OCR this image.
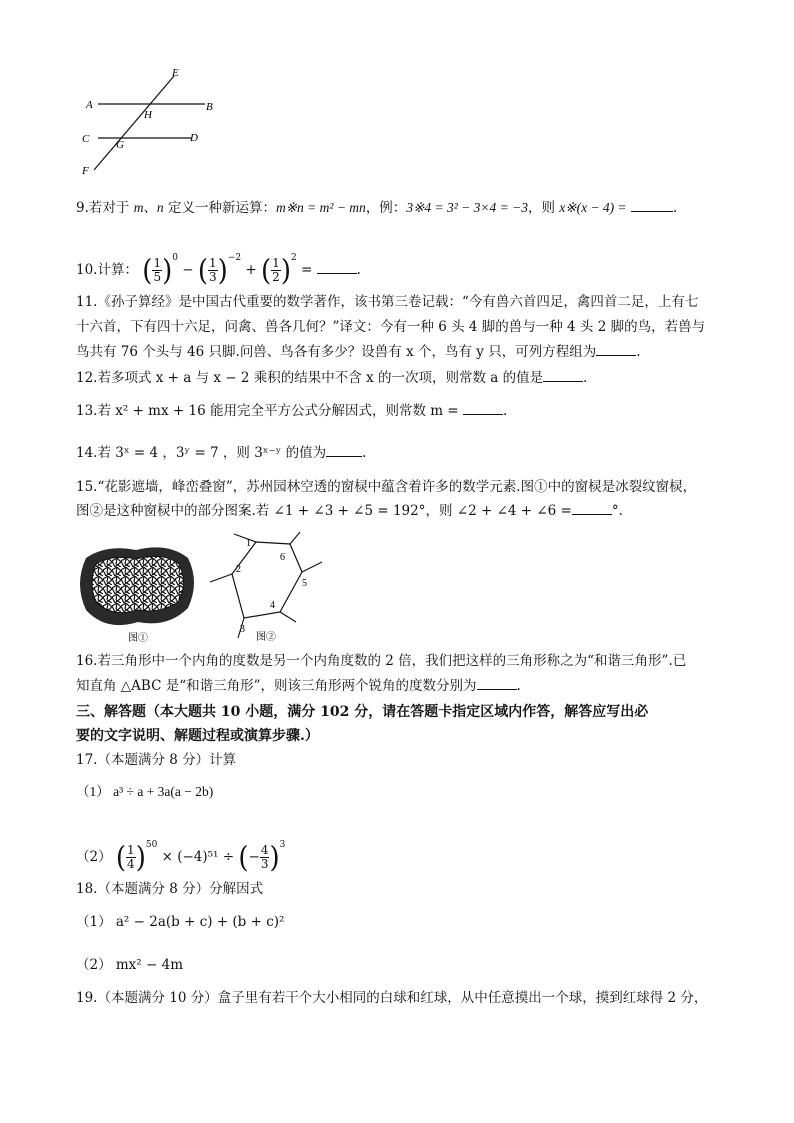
E
A	B
H
C	D
G
F
9.若对于 m、n 定义一种新运算：m※n = m² − mn，例：3※4 = 3² − 3×4 = −3，则 x※(x − 4) =	.
10.计算： ( $\frac{1}{5} )^0$ − ( $\frac{1}{3} )^{-2}$ + ( $\frac{1}{2} )^2$ =	.
11.《孙子算经》是中国古代重要的数学著作，该书第三卷记载：“今有兽六首四足，禽四首二足，上有七
十六首，下有四十六足，问禽、兽各几何？”译文：今有一种 6 头 4 脚的兽与一种 4 头 2 脚的鸟，若兽与
鸟共有 76 个头与 46 只脚.问兽、鸟各有多少？设兽有 x 个，鸟有 y 只，可列方程组为	.
12.若多项式 x + a 与 x − 2 乘积的结果中不含 x 的一次项，则常数 a 的值是	.
13.若 x² + mx + 16 能用完全平方公式分解因式，则常数 m =	.
14.若 3ˣ = 4 ，3ʸ = 7 ，则 3ˣ⁻ʸ 的值为	.
15.“花影遮墙，峰峦叠窗”，苏州园林空透的窗棂中蕴含着许多的数学元素.图①中的窗棂是冰裂纹窗棂，
图②是这种窗棂中的部分图案.若 ∠1 + ∠3 + ∠5 = 192°，则 ∠2 + ∠4 + ∠6 =	°.
图①
1
2
3
4
5
6
图②
16.若三角形中一个内角的度数是另一个内角度数的 2 倍，我们把这样的三角形称之为“和谐三角形”.已
知直角 △ABC 是“和谐三角形”，则该三角形两个锐角的度数分别为	.
三、解答题（本大题共 10 小题，满分 102 分，请在答题卡指定区域内作答，解答应写出必
要的文字说明、解题过程或演算步骤.）
17.（本题满分 8 分）计算
（1） a³ ÷ a + 3a(a − 2b)
（2） ( $\frac{1}{4} )^{50} \times (-4)^{51}$ ÷ (− $\frac{4}{3} )^3$
18.（本题满分 8 分）分解因式
（1） a² − 2a(b + c) + (b + c)²
（2） mx² − 4m
19.（本题满分 10 分）盒子里有若干个大小相同的白球和红球，从中任意摸出一个球，摸到红球得 2 分，
